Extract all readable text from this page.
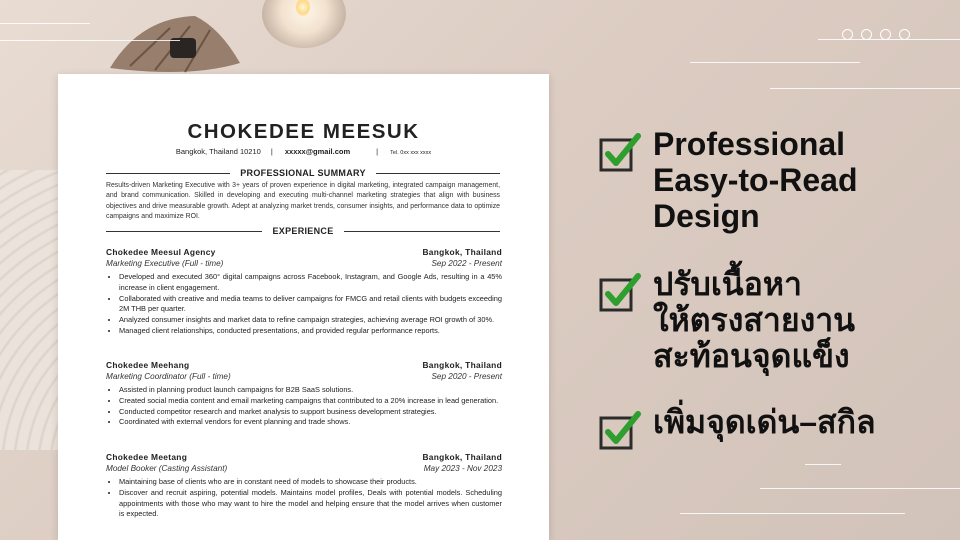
CHOKEDEE MEESUK
Bangkok, Thailand 10210 | xxxxx@gmail.com	| Tel. 0xx xxx xxxx
PROFESSIONAL SUMMARY
Results-driven Marketing Executive with 3+ years of proven experience in digital marketing, integrated campaign management, and brand communication. Skilled in developing and executing multi-channel marketing strategies that align with business objectives and drive measurable growth. Adept at analyzing market trends, consumer insights, and performance data to optimize campaigns and maximize ROI.
EXPERIENCE
Chokedee Meesul Agency	Bangkok, Thailand
Marketing Executive (Full - time)	Sep 2022 - Present
• Developed and executed 360° digital campaigns across Facebook, Instagram, and Google Ads, resulting in a 45% increase in client engagement.
• Collaborated with creative and media teams to deliver campaigns for FMCG and retail clients with budgets exceeding 2M THB per quarter.
• Analyzed consumer insights and market data to refine campaign strategies, achieving average ROI growth of 30%.
• Managed client relationships, conducted presentations, and provided regular performance reports.
Chokedee Meehang	Bangkok, Thailand
Marketing Coordinator (Full - time)	Sep 2020 - Present
• Assisted in planning product launch campaigns for B2B SaaS solutions.
• Created social media content and email marketing campaigns that contributed to a 20% increase in lead generation.
• Conducted competitor research and market analysis to support business development strategies.
• Coordinated with external vendors for event planning and trade shows.
Chokedee Meetang	Bangkok, Thailand
Model Booker (Casting Assistant)	May 2023 - Nov 2023
• Maintaining base of clients who are in constant need of models to showcase their products.
• Discover and recruit aspiring, potential models. Maintains model profiles, Deals with potential models. Scheduling appointments with those who may want to hire the model and helping ensure that the model arrives when customer is expected.
Professional
Easy-to-Read
Design
ปรับเนื้อหา
ให้ตรงสายงาน
สะท้อนจุดแข็ง
เพิ่มจุดเด่น–สกิล
